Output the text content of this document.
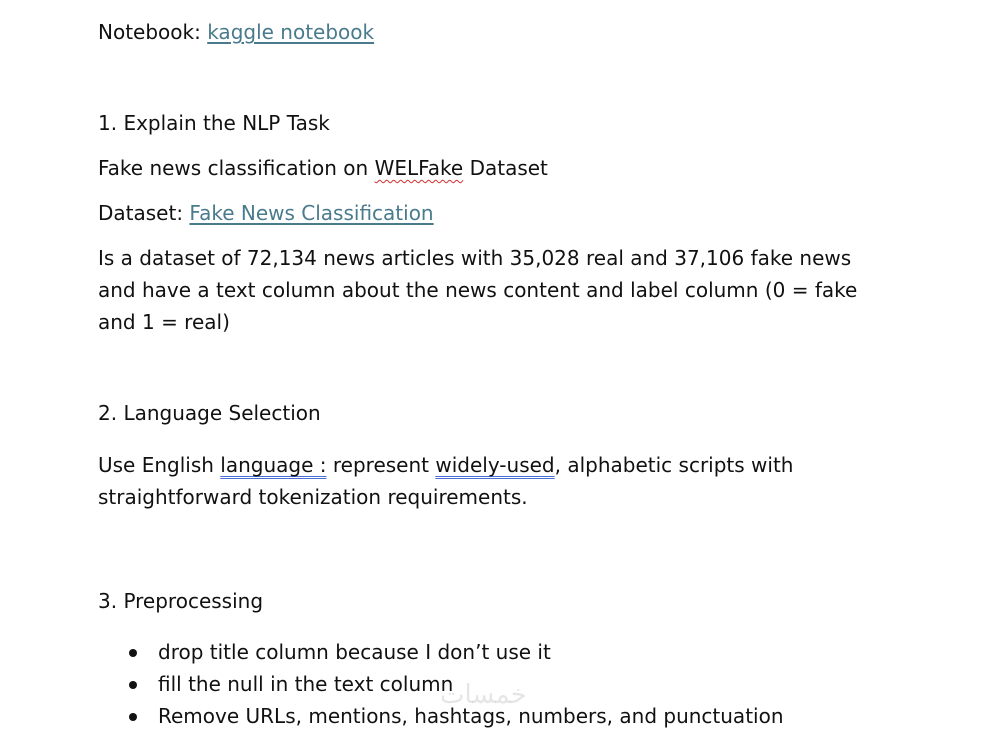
Notebook: kaggle notebook
1. Explain the NLP Task
Fake news classification on WELFake Dataset
Dataset: Fake News Classification
Is a dataset of 72,134 news articles with 35,028 real and 37,106 fake news
and have a text column about the news content and label column (0 = fake
and 1 = real)
2. Language Selection
Use English language : represent widely-used, alphabetic scripts with
straightforward tokenization requirements.
3. Preprocessing
drop title column because I don’t use it
fill the null in the text column
Remove URLs, mentions, hashtags, numbers, and punctuation
خمسات
